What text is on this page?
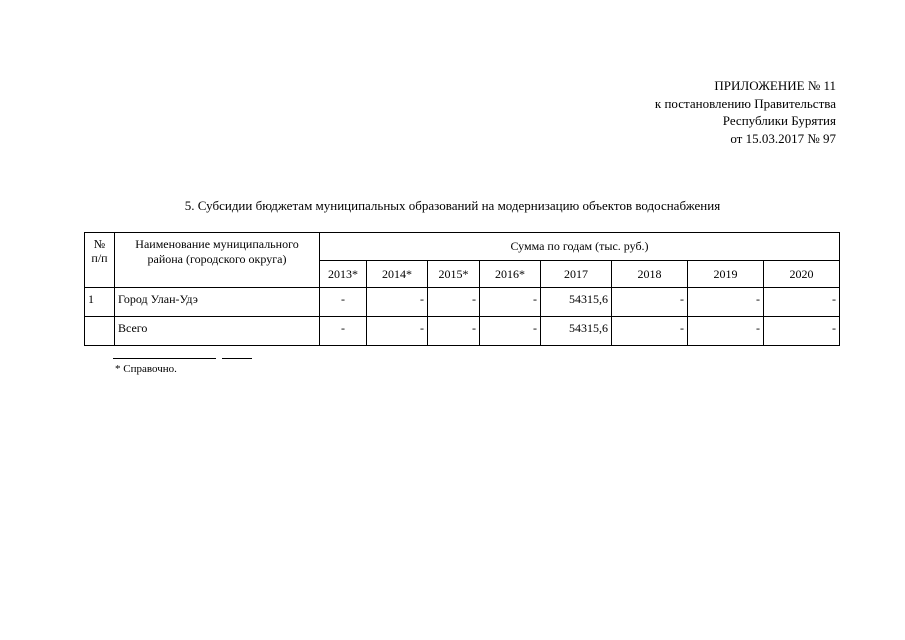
ПРИЛОЖЕНИЕ № 11
к постановлению Правительства
Республики Бурятия
от 15.03.2017 № 97
5. Субсидии бюджетам муниципальных образований на модернизацию объектов водоснабжения
№ п/п	Наименование муниципального района (городского округа)	Сумма по годам (тыс. руб.)							
		2013*	2014*	2015*	2016*	2017	2018	2019	2020
1	Город Улан-Удэ	-	-	-	-	54315,6	-	-	-
	Всего	-	-	-	-	54315,6	-	-	-
* Справочно.
